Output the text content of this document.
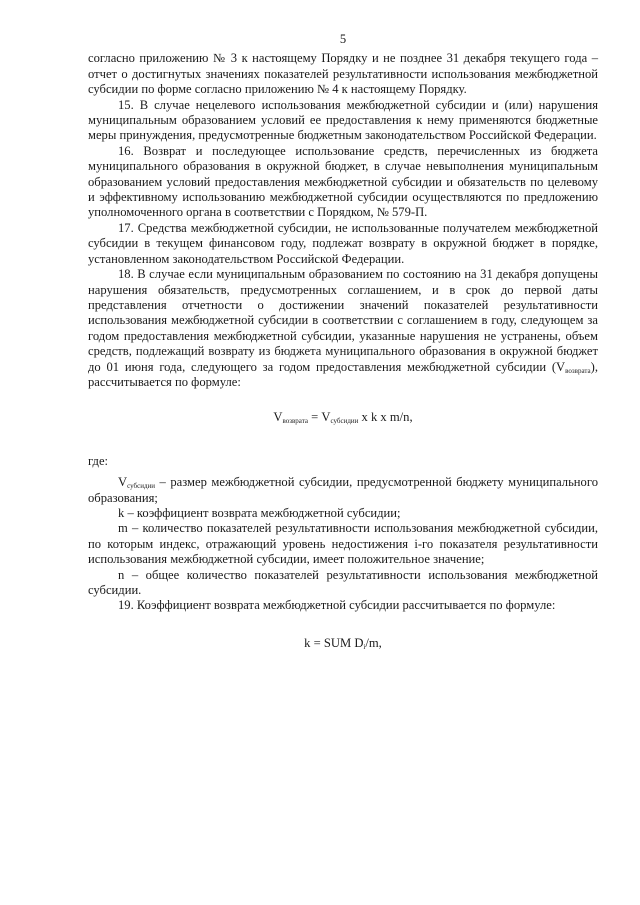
5

согласно приложению № 3 к настоящему Порядку и не позднее 31 декабря текущего года – отчет о достигнутых значениях показателей результативности использования межбюджетной субсидии по форме согласно приложению № 4 к настоящему Порядку.

15. В случае нецелевого использования межбюджетной субсидии и (или) нарушения муниципальным образованием условий ее предоставления к нему применяются бюджетные меры принуждения, предусмотренные бюджетным законодательством Российской Федерации.

16. Возврат и последующее использование средств, перечисленных из бюджета муниципального образования в окружной бюджет, в случае невыполнения муниципальным образованием условий предоставления межбюджетной субсидии и обязательств по целевому и эффективному использованию межбюджетной субсидии осуществляются по предложению уполномоченного органа в соответствии с Порядком, № 579-П.

17. Средства межбюджетной субсидии, не использованные получателем межбюджетной субсидии в текущем финансовом году, подлежат возврату в окружной бюджет в порядке, установленном законодательством Российской Федерации.

18. В случае если муниципальным образованием по состоянию на 31 декабря допущены нарушения обязательств, предусмотренных соглашением, и в срок до первой даты представления отчетности о достижении значений показателей результативности использования межбюджетной субсидии в соответствии с соглашением в году, следующем за годом предоставления межбюджетной субсидии, указанные нарушения не устранены, объем средств, подлежащий возврату из бюджета муниципального образования в окружной бюджет до 01 июня года, следующего за годом предоставления межбюджетной субсидии $(V_{возврата})$, рассчитывается по формуле:

$V_{возврата} = V_{субсидии}$ x k x m/n,

где:

$V_{субсидии}$ – размер межбюджетной субсидии, предусмотренной бюджету муниципального образования;

k – коэффициент возврата межбюджетной субсидии;

m – количество показателей результативности использования межбюджетной субсидии, по которым индекс, отражающий уровень недостижения i-го показателя результативности использования межбюджетной субсидии, имеет положительное значение;

n – общее количество показателей результативности использования межбюджетной субсидии.

19. Коэффициент возврата межбюджетной субсидии рассчитывается по формуле:

k = SUM $D_i/m$,
